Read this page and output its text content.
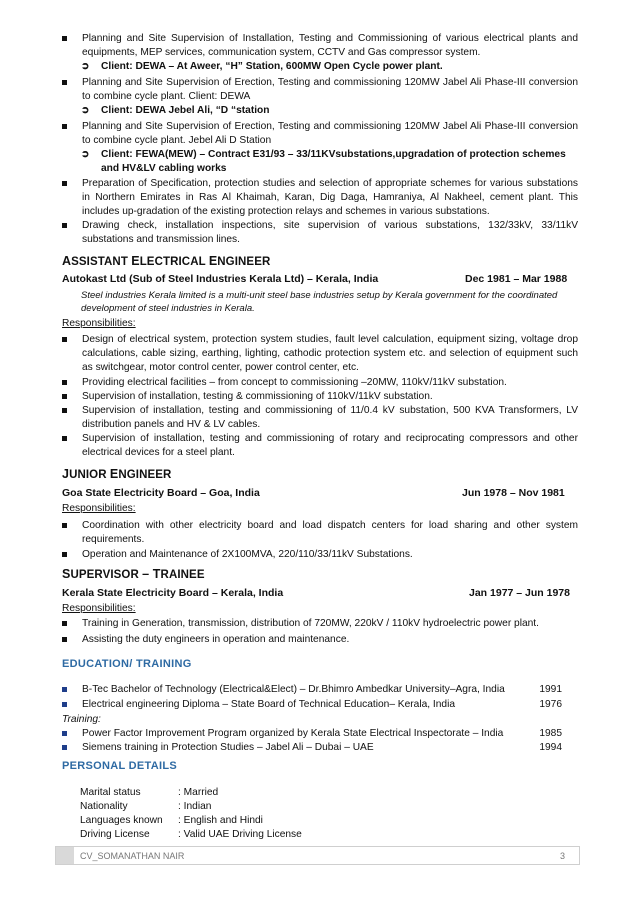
Planning and Site Supervision of Installation, Testing and Commissioning of various electrical plants and equipments, MEP services, communication system, CCTV and Gas compressor system.
➲ Client: DEWA – At Aweer, “H” Station, 600MW Open Cycle power plant.
Planning and Site Supervision of Erection, Testing and commissioning 120MW Jabel Ali Phase-III conversion to combine cycle plant. Client: DEWA
➲ Client: DEWA Jebel Ali, “D “station
Planning and Site Supervision of Erection, Testing and commissioning 120MW Jabel Ali Phase-III conversion to combine cycle plant. Jebel Ali D Station
➲ Client: FEWA(MEW) – Contract E31/93 – 33/11KVsubstations,upgradation of protection schemes and HV&LV cabling works
Preparation of Specification, protection studies and selection of appropriate schemes for various substations in Northern Emirates in Ras Al Khaimah, Karan, Dig Daga, Hamraniya, Al Nakheel, cement plant. This includes up-gradation of the existing protection relays and schemes in various substations.
Drawing check, installation inspections, site supervision of various substations, 132/33kV, 33/11kV substations and transmission lines.
ASSISTANT ELECTRICAL ENGINEER
Autokast Ltd (Sub of Steel Industries Kerala Ltd) – Kerala, India	Dec 1981 – Mar 1988
Steel industries Kerala limited is a multi-unit steel base industries setup by Kerala government for the coordinated development of steel industries in Kerala.
Responsibilities:
Design of electrical system, protection system studies, fault level calculation, equipment sizing, voltage drop calculations, cable sizing, earthing, lighting, cathodic protection system etc. and selection of equipment such as switchgear, motor control center, power control center, etc.
Providing electrical facilities – from concept to commissioning –20MW, 110kV/11kV substation.
Supervision of installation, testing & commissioning of 110kV/11kV substation.
Supervision of installation, testing and commissioning of 11/0.4 kV substation, 500 KVA Transformers, LV distribution panels and HV & LV cables.
Supervision of installation, testing and commissioning of rotary and reciprocating compressors and other electrical devices for a steel plant.
JUNIOR ENGINEER
Goa State Electricity Board – Goa, India	Jun 1978 – Nov 1981
Responsibilities:
Coordination with other electricity board and load dispatch centers for load sharing and other system requirements.
Operation and Maintenance of 2X100MVA, 220/110/33/11kV Substations.
SUPERVISOR – TRAINEE
Kerala State Electricity Board – Kerala, India	Jan 1977 – Jun 1978
Responsibilities:
Training in Generation, transmission, distribution of 720MW, 220kV / 110kV hydroelectric power plant.
Assisting the duty engineers in operation and maintenance.
EDUCATION/ TRAINING
B-Tec Bachelor of Technology (Electrical&Elect) – Dr.Bhimro Ambedkar University–Agra, India	1991
Electrical engineering Diploma – State Board of Technical Education– Kerala, India	1976
Training:
Power Factor Improvement Program organized by Kerala State Electrical Inspectorate – India	1985
Siemens training in Protection Studies – Jabel Ali – Dubai – UAE	1994
PERSONAL DETAILS
Marital status	: Married
Nationality	: Indian
Languages known : English and Hindi
Driving License	: Valid UAE Driving License
CV_SOMANATHAN NAIR	3
